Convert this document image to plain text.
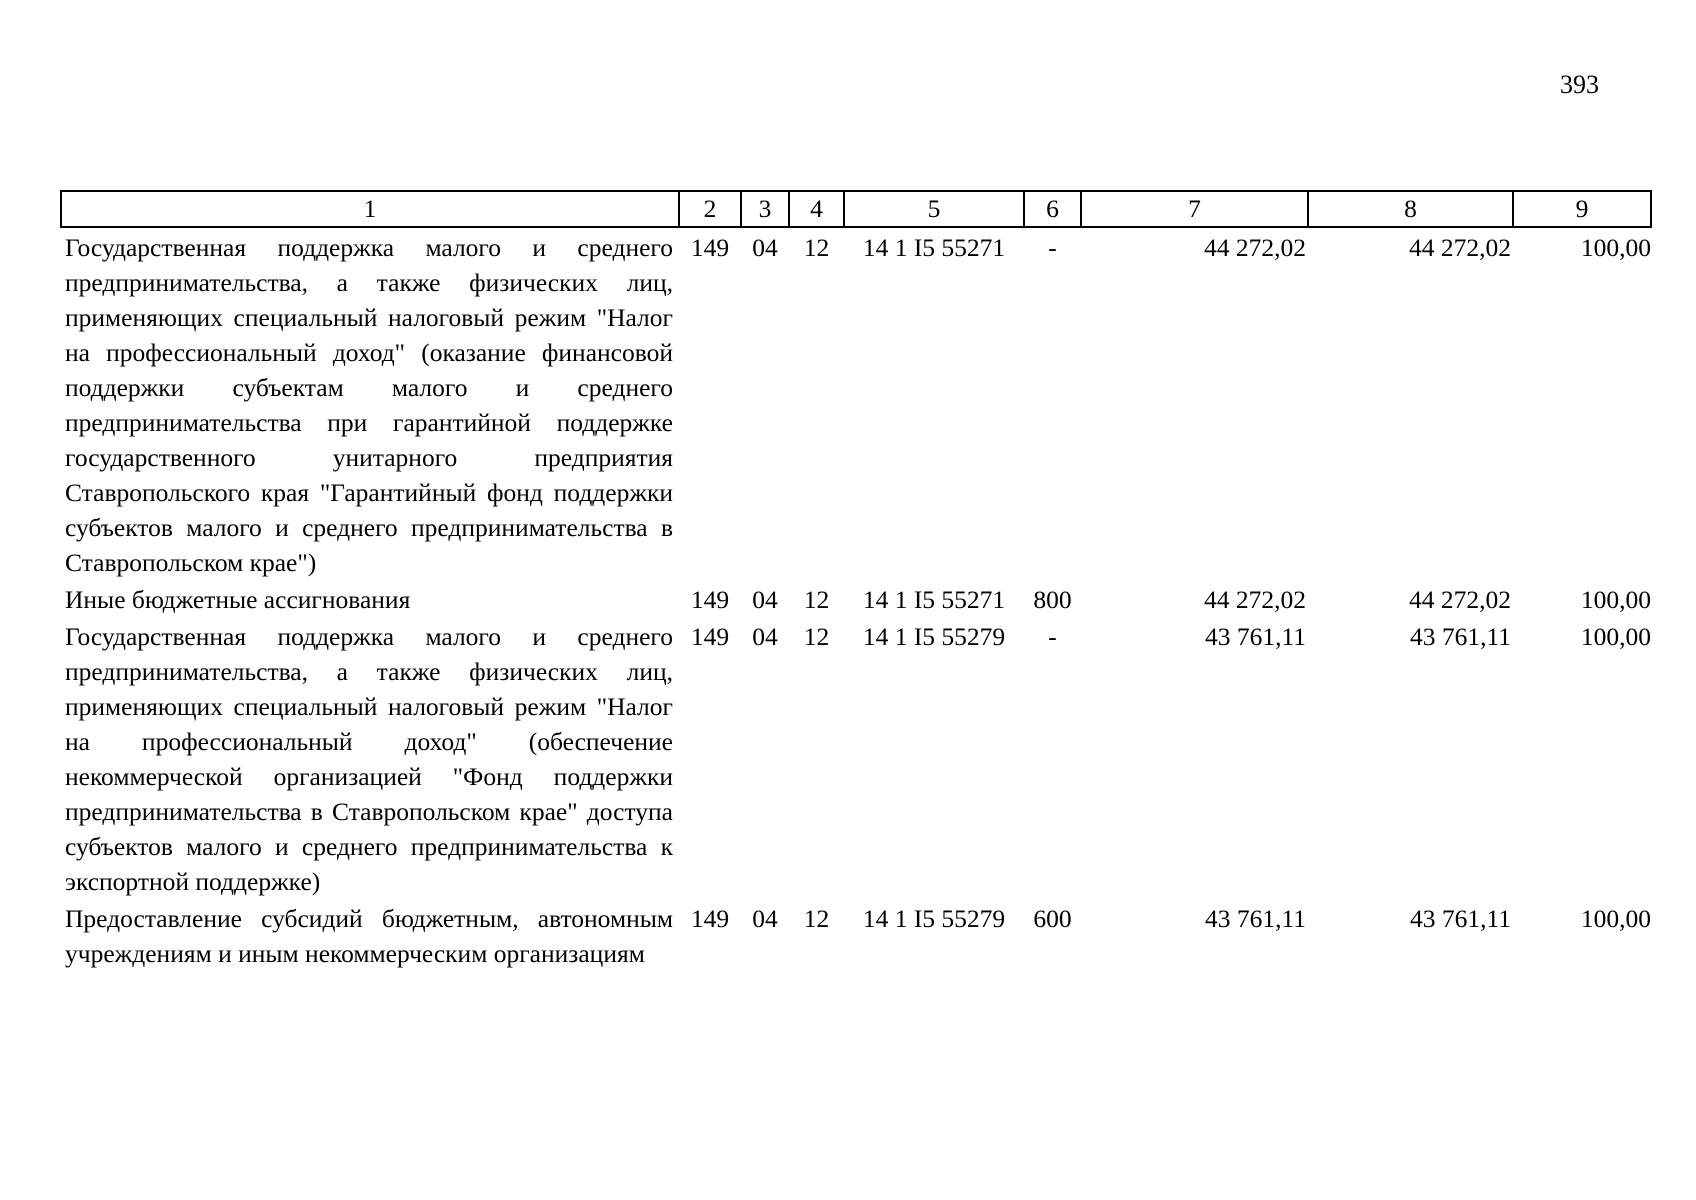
393
1	2	3	4	5	6	7	8	9
Государственная поддержка малого и среднего предпринимательства, а также физических лиц, применяющих специальный налоговый режим "Налог на профессиональный доход" (оказание финансовой поддержки субъектам малого и среднего предпринимательства при гарантийной поддержке государственного унитарного предприятия Ставропольского края "Гарантийный фонд поддержки субъектов малого и среднего предпринимательства в Ставропольском крае")	149	04	12	14 1 I5 55271	-	44 272,02	44 272,02	100,00
Иные бюджетные ассигнования	149	04	12	14 1 I5 55271	800	44 272,02	44 272,02	100,00
Государственная поддержка малого и среднего предпринимательства, а также физических лиц, применяющих специальный налоговый режим "Налог на профессиональный доход" (обеспечение некоммерческой организацией "Фонд поддержки предпринимательства в Ставропольском крае" доступа субъектов малого и среднего предпринимательства к экспортной поддержке)	149	04	12	14 1 I5 55279	-	43 761,11	43 761,11	100,00
Предоставление субсидий бюджетным, автономным учреждениям и иным некоммерческим организациям	149	04	12	14 1 I5 55279	600	43 761,11	43 761,11	100,00
